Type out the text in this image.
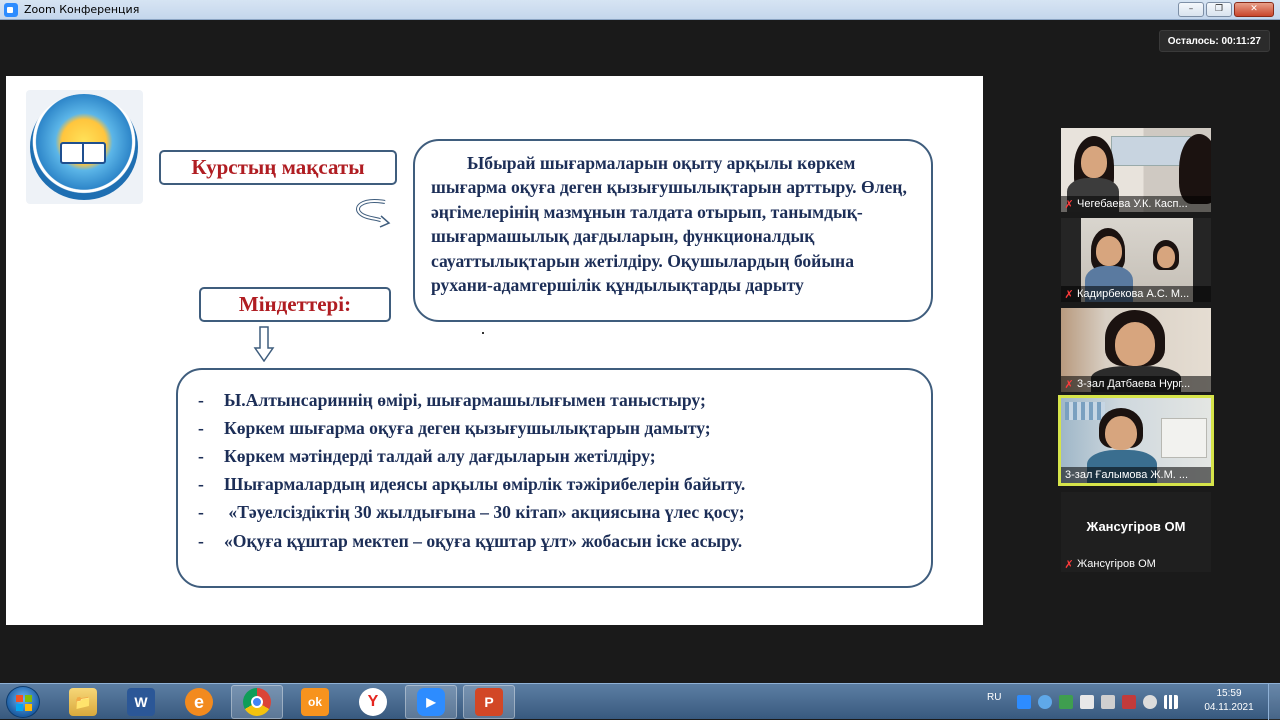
Zoom Конференция	–	❐	✕
Осталось: 00:11:27
Курстың мақсаты	Ыбырай шығармаларын оқыту арқылы көркем шығарма оқуға деген қызығушылықтарын арттыру. Өлең, әңгімелерінің мазмұнын талдата отырып, танымдық-шығармашылық дағдыларын, функционалдық сауаттылықтарын жетілдіру. Оқушылардың бойына рухани-адамгершілік құндылықтарды дарыту

Міндеттері:
-	Ы.Алтынсариннің өмірі, шығармашылығымен таныстыру;
-	Көркем шығарма оқуға деген қызығушылықтарын дамыту;
-	Көркем мәтіндерді талдай алу дағдыларын жетілдіру;
-	Шығармалардың идеясы арқылы өмірлік тәжірибелерін байыту.
-	«Тәуелсіздіктің 30 жылдығына – 30 кітап» акциясына үлес қосу;
-	«Оқуға құштар мектеп – оқуға құштар ұлт» жобасын іске асыру.
✗ Чегебаева У.К. Касп...
✗ Кадирбекова А.С. М...
✗ 3-зал Датбаева Нург...
3-зал Ғалымова Ж.М. ...
Жансугіров ОМ
✗ Жансүгіров ОМ
📁	W	e	ok	Y	▶	P	RU	15:59
04.11.2021
